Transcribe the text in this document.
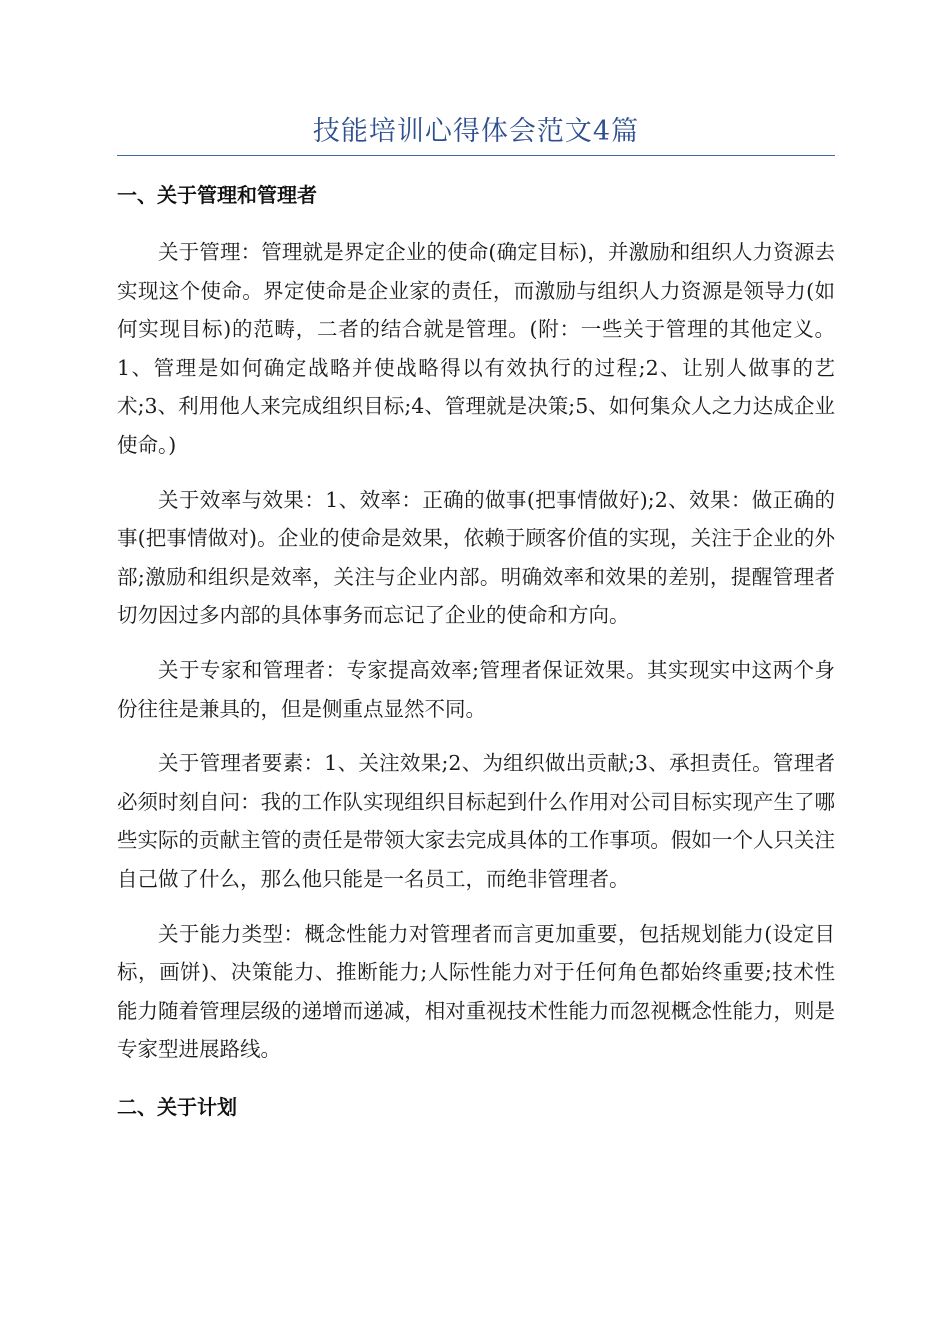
技能培训心得体会范文4篇
一、关于管理和管理者

关于管理：管理就是界定企业的使命(确定目标)，并激励和组织人力资源去实现这个使命。界定使命是企业家的责任，而激励与组织人力资源是领导力(如何实现目标)的范畴，二者的结合就是管理。(附：一些关于管理的其他定义。1、管理是如何确定战略并使战略得以有效执行的过程;2、让别人做事的艺术;3、利用他人来完成组织目标;4、管理就是决策;5、如何集众人之力达成企业使命。)

关于效率与效果：1、效率：正确的做事(把事情做好);2、效果：做正确的事(把事情做对)。企业的使命是效果，依赖于顾客价值的实现，关注于企业的外部;激励和组织是效率，关注与企业内部。明确效率和效果的差别，提醒管理者切勿因过多内部的具体事务而忘记了企业的使命和方向。

关于专家和管理者：专家提高效率;管理者保证效果。其实现实中这两个身份往往是兼具的，但是侧重点显然不同。

关于管理者要素：1、关注效果;2、为组织做出贡献;3、承担责任。管理者必须时刻自问：我的工作队实现组织目标起到什么作用对公司目标实现产生了哪些实际的贡献主管的责任是带领大家去完成具体的工作事项。假如一个人只关注自己做了什么，那么他只能是一名员工，而绝非管理者。

关于能力类型：概念性能力对管理者而言更加重要，包括规划能力(设定目标，画饼)、决策能力、推断能力;人际性能力对于任何角色都始终重要;技术性能力随着管理层级的递增而递减，相对重视技术性能力而忽视概念性能力，则是专家型进展路线。

二、关于计划
